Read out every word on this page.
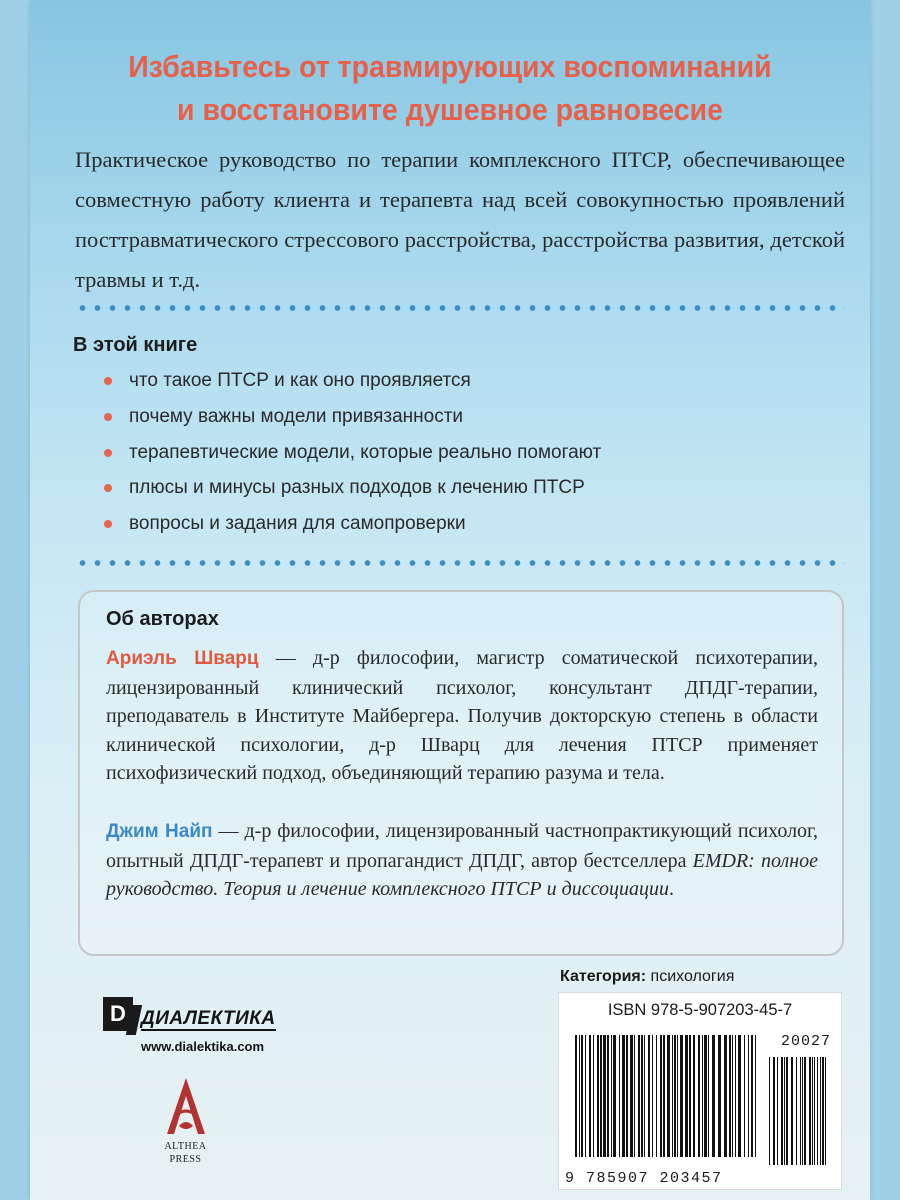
Избавьтесь от травмирующих воспоминаний
и восстановите душевное равновесие
Практическое руководство по терапии комплексного ПТСР, обеспечивающее совместную работу клиента и терапевта над всей совокупностью проявлений посттравматического стрессового расстройства, расстройства развития, детской травмы и т.д.
В этой книге
что такое ПТСР и как оно проявляется
почему важны модели привязанности
терапевтические модели, которые реально помогают
плюсы и минусы разных подходов к лечению ПТСР
вопросы и задания для самопроверки
Об авторах
Ариэль Шварц — д-р философии, магистр соматической психотерапии, лицензированный клинический психолог, консультант ДПДГ-терапии, преподаватель в Институте Майбергера. Получив докторскую степень в области клинической психологии, д-р Шварц для лечения ПТСР применяет психофизический подход, объединяющий терапию разума и тела.
Джим Найп — д-р философии, лицензированный частнопрактикующий психолог, опытный ДПДГ-терапевт и пропагандист ДПДГ, автор бестселлера EMDR: полное руководство. Теория и лечение комплексного ПТСР и диссоциации.
D ДИАЛЕКТИКА
www.dialektika.com
ALTHEA
PRESS
Категория: психология
ISBN 978-5-907203-45-7
20027
9 785907 203457
